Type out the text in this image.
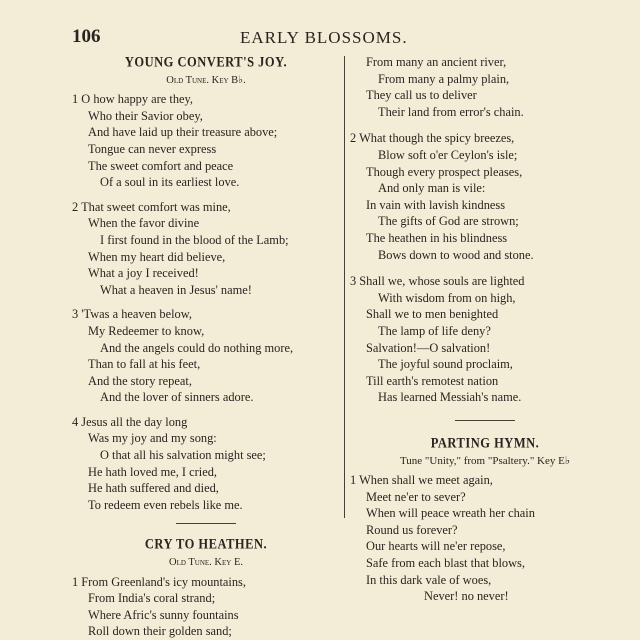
106	EARLY BLOSSOMS.
YOUNG CONVERT'S JOY.
Old Tune. Key B♭.
1 O how happy are they,
Who their Savior obey,
And have laid up their treasure above;
Tongue can never express
The sweet comfort and peace
Of a soul in its earliest love.
2 That sweet comfort was mine,
When the favor divine
I first found in the blood of the Lamb;
When my heart did believe,
What a joy I received!
What a heaven in Jesus' name!
3 'Twas a heaven below,
My Redeemer to know,
And the angels could do nothing more,
Than to fall at his feet,
And the story repeat,
And the lover of sinners adore.
4 Jesus all the day long
Was my joy and my song:
O that all his salvation might see;
He hath loved me, I cried,
He hath suffered and died,
To redeem even rebels like me.
CRY TO HEATHEN.
Old Tune. Key E.
1 From Greenland's icy mountains,
From India's coral strand;
Where Afric's sunny fountains
Roll down their golden sand;
From many an ancient river,
From many a palmy plain,
They call us to deliver
Their land from error's chain.
2 What though the spicy breezes,
Blow soft o'er Ceylon's isle;
Though every prospect pleases,
And only man is vile:
In vain with lavish kindness
The gifts of God are strown;
The heathen in his blindness
Bows down to wood and stone.
3 Shall we, whose souls are lighted
With wisdom from on high,
Shall we to men benighted
The lamp of life deny?
Salvation!—O salvation!
The joyful sound proclaim,
Till earth's remotest nation
Has learned Messiah's name.
PARTING HYMN.
Tune "Unity," from "Psaltery." Key E♭
1 When shall we meet again,
Meet ne'er to sever?
When will peace wreath her chain
Round us forever?
Our hearts will ne'er repose,
Safe from each blast that blows,
In this dark vale of woes,
Never! no never!
